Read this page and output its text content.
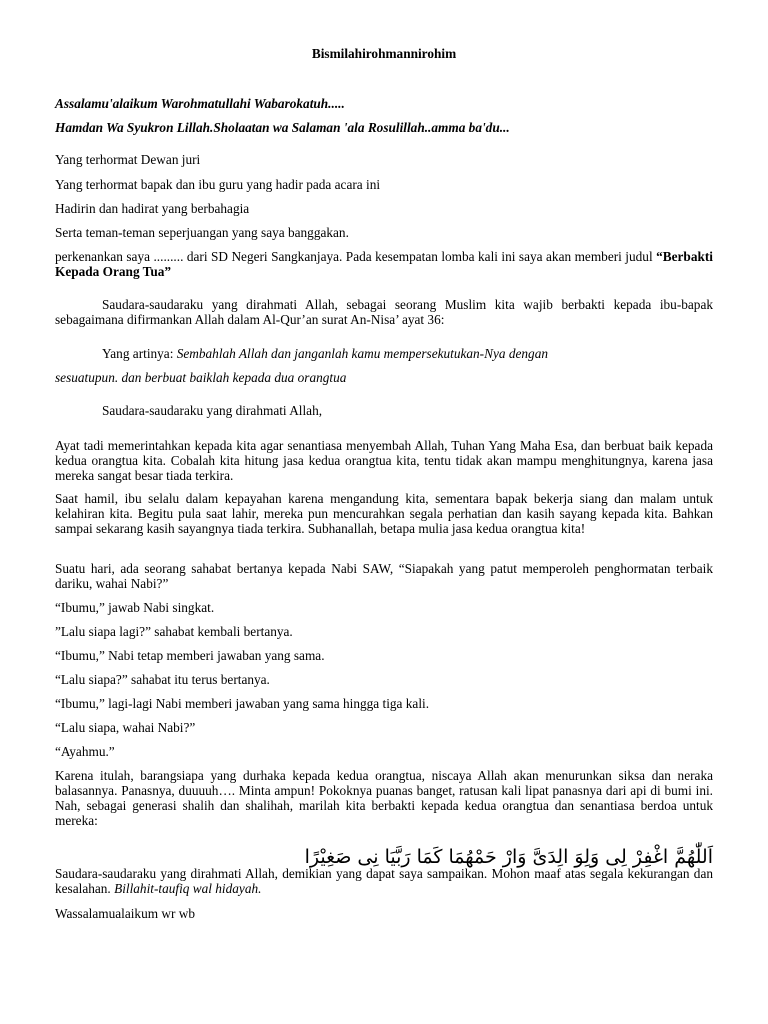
Bismilahirohmannirohim

Assalamu'alaikum Warohmatullahi Wabarokatuh.....

Hamdan Wa Syukron Lillah.Sholaatan wa Salaman 'ala Rosulillah..amma ba'du...

Yang terhormat Dewan juri

Yang terhormat bapak dan ibu guru yang hadir pada acara ini

Hadirin dan hadirat yang berbahagia

Serta teman-teman seperjuangan yang saya banggakan.

perkenankan saya ......... dari SD Negeri Sangkanjaya. Pada kesempatan lomba kali ini saya akan memberi judul “Berbakti Kepada Orang Tua”

Saudara-saudaraku yang dirahmati Allah, sebagai seorang Muslim kita wajib berbakti kepada ibu-bapak sebagaimana difirmankan Allah dalam Al-Qur’an surat An-Nisa’ ayat 36:

Yang artinya: Sembahlah Allah dan janganlah kamu mempersekutukan-Nya dengan

sesuatupun. dan berbuat baiklah kepada dua orangtua

Saudara-saudaraku yang dirahmati Allah,

Ayat tadi memerintahkan kepada kita agar senantiasa menyembah Allah, Tuhan Yang Maha Esa, dan berbuat baik kepada kedua orangtua kita. Cobalah kita hitung jasa kedua orangtua kita, tentu tidak akan mampu menghitungnya, karena jasa mereka sangat besar tiada terkira.

Saat hamil, ibu selalu dalam kepayahan karena mengandung kita, sementara bapak bekerja siang dan malam untuk kelahiran kita. Begitu pula saat lahir, mereka pun mencurahkan segala perhatian dan kasih sayang kepada kita. Bahkan sampai sekarang kasih sayangnya tiada terkira. Subhanallah, betapa mulia jasa kedua orangtua kita!

Suatu hari, ada seorang sahabat bertanya kepada Nabi SAW, “Siapakah yang patut memperoleh penghormatan terbaik dariku, wahai Nabi?”

“Ibumu,” jawab Nabi singkat.

”Lalu siapa lagi?” sahabat kembali bertanya.

“Ibumu,” Nabi tetap memberi jawaban yang sama.

“Lalu siapa?” sahabat itu terus bertanya.

“Ibumu,” lagi-lagi Nabi memberi jawaban yang sama hingga tiga kali.

“Lalu siapa, wahai Nabi?”

“Ayahmu.”

Karena itulah, barangsiapa yang durhaka kepada kedua orangtua, niscaya Allah akan menurunkan siksa dan neraka balasannya. Panasnya, duuuuh…. Minta ampun! Pokoknya puanas banget, ratusan kali lipat panasnya dari api di bumi ini. Nah, sebagai generasi shalih dan shalihah, marilah kita berbakti kepada kedua orangtua dan senantiasa berdoa untuk mereka:

اَللّٰهُمَّ اغْفِرْ لِى وَلِوَ الِدَىَّ وَارْ حَمْهُمَا كَمَا رَبَّيَا نِى صَغِيْرًا

Saudara-saudaraku yang dirahmati Allah, demikian yang dapat saya sampaikan. Mohon maaf atas segala kekurangan dan kesalahan. Billahit-taufiq wal hidayah.

Wassalamualaikum wr wb
